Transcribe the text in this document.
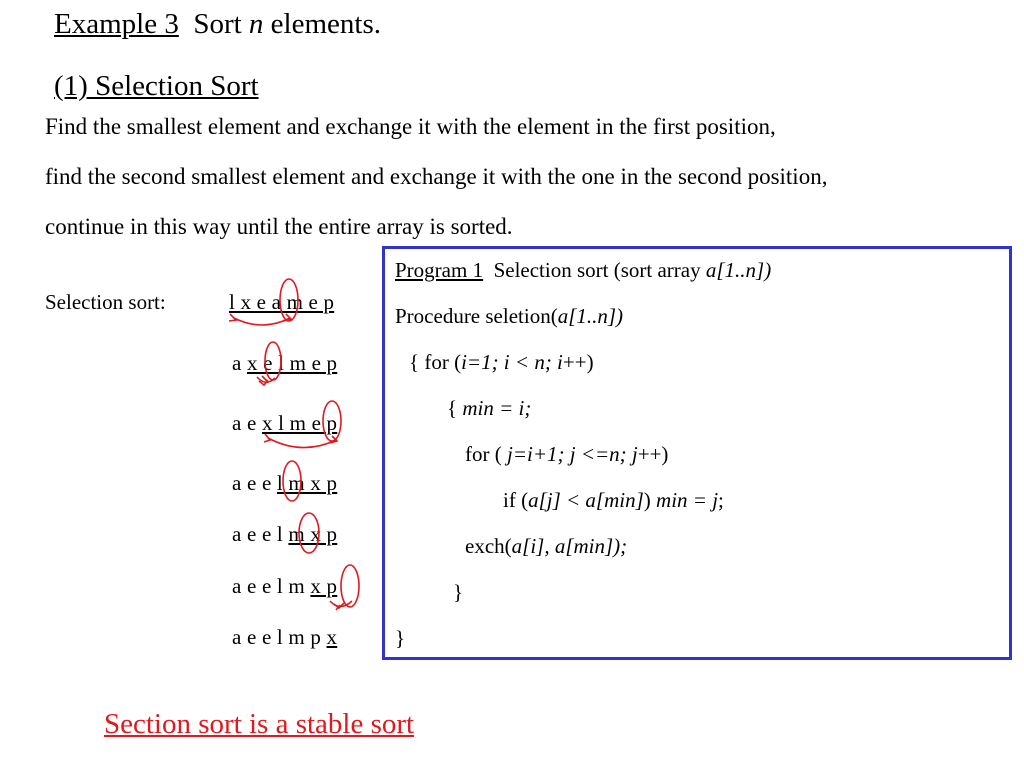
Example 3 Sort n elements.
(1) Selection Sort
Find the smallest element and exchange it with the element in the first position,
find the second smallest element and exchange it with the one in the second position,
continue in this way until the entire array is sorted.
Selection sort:	l x e a m e p
a x e l m e p
a e x l m e p
a e e l m x p
a e e l m x p
a e e l m x p
a e e l m p x
Program 1 Selection sort (sort array a[1..n])
Procedure seletion(a[1..n])
{ for (i=1; i < n; i++)
{ min = i;
for ( j=i+1; j <=n; j++)
if (a[j] < a[min]) min = j;
exch(a[i], a[min]);
}
}
Section sort is a stable sort
